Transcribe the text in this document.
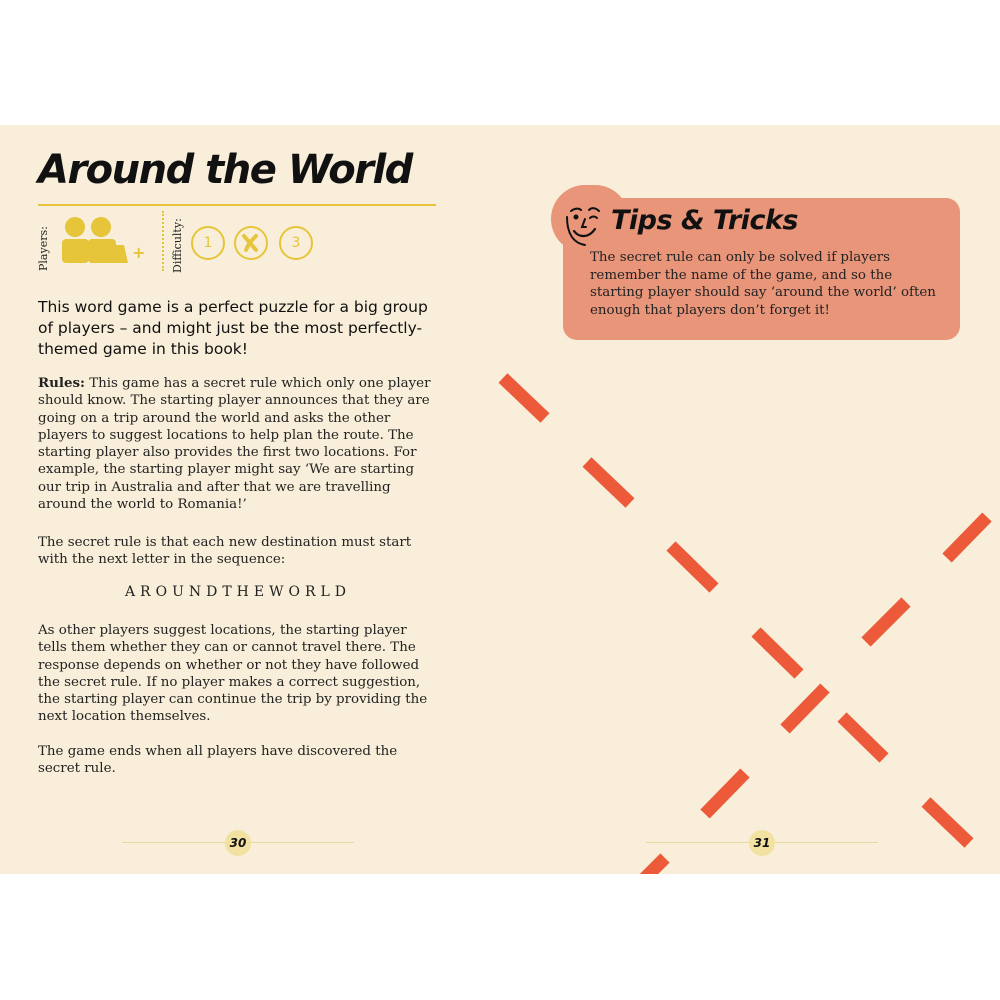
Around the World
Players:	+ Difficulty:	1	3

This word game is a perfect puzzle for a big group of players – and might just be the most perfectly-themed game in this book!

Rules: This game has a secret rule which only one player should know. The starting player announces that they are going on a trip around the world and asks the other players to suggest locations to help plan the route. The starting player also provides the first two locations. For example, the starting player might say ‘We are starting our trip in Australia and after that we are travelling around the world to Romania!’

The secret rule is that each new destination must start with the next letter in the sequence:

AROUNDTHEWORLD

As other players suggest locations, the starting player tells them whether they can or cannot travel there. The response depends on whether or not they have followed the secret rule. If no player makes a correct suggestion, the starting player can continue the trip by providing the next location themselves.

The game ends when all players have discovered the secret rule.

30	31
Tips & Tricks

The secret rule can only be solved if players remember the name of the game, and so the starting player should say ‘around the world’ often enough that players don’t forget it!
